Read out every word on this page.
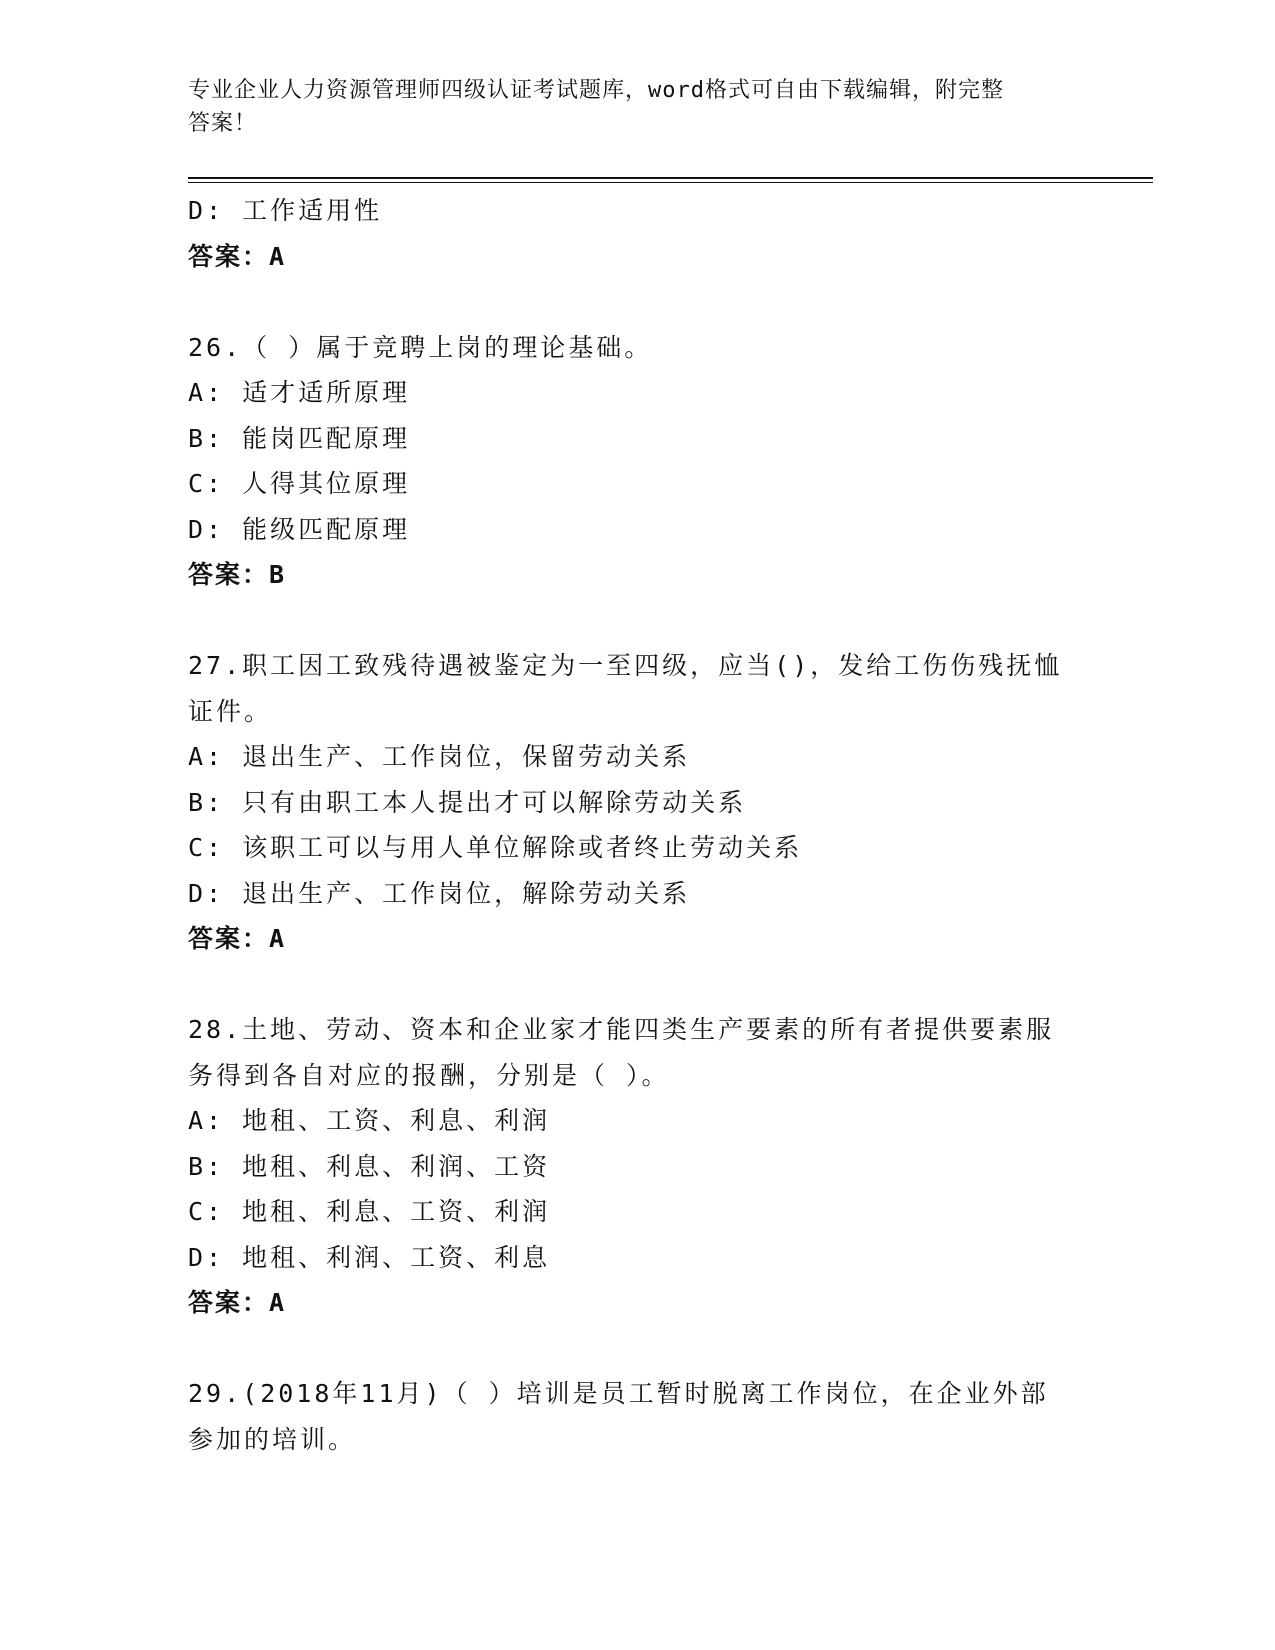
专业企业人力资源管理师四级认证考试题库，word格式可自由下载编辑，附完整
答案！
D: 工作适用性
答案：A
26.（ ）属于竞聘上岗的理论基础。
A: 适才适所原理
B: 能岗匹配原理
C: 人得其位原理
D: 能级匹配原理
答案：B
27.职工因工致残待遇被鉴定为一至四级，应当()，发给工伤伤残抚恤
证件。
A: 退出生产、工作岗位，保留劳动关系
B: 只有由职工本人提出才可以解除劳动关系
C: 该职工可以与用人单位解除或者终止劳动关系
D: 退出生产、工作岗位，解除劳动关系
答案：A
28.土地、劳动、资本和企业家才能四类生产要素的所有者提供要素服
务得到各自对应的报酬，分别是（ ）。
A: 地租、工资、利息、利润
B: 地租、利息、利润、工资
C: 地租、利息、工资、利润
D: 地租、利润、工资、利息
答案：A
29.(2018年11月)（ ）培训是员工暂时脱离工作岗位，在企业外部
参加的培训。
